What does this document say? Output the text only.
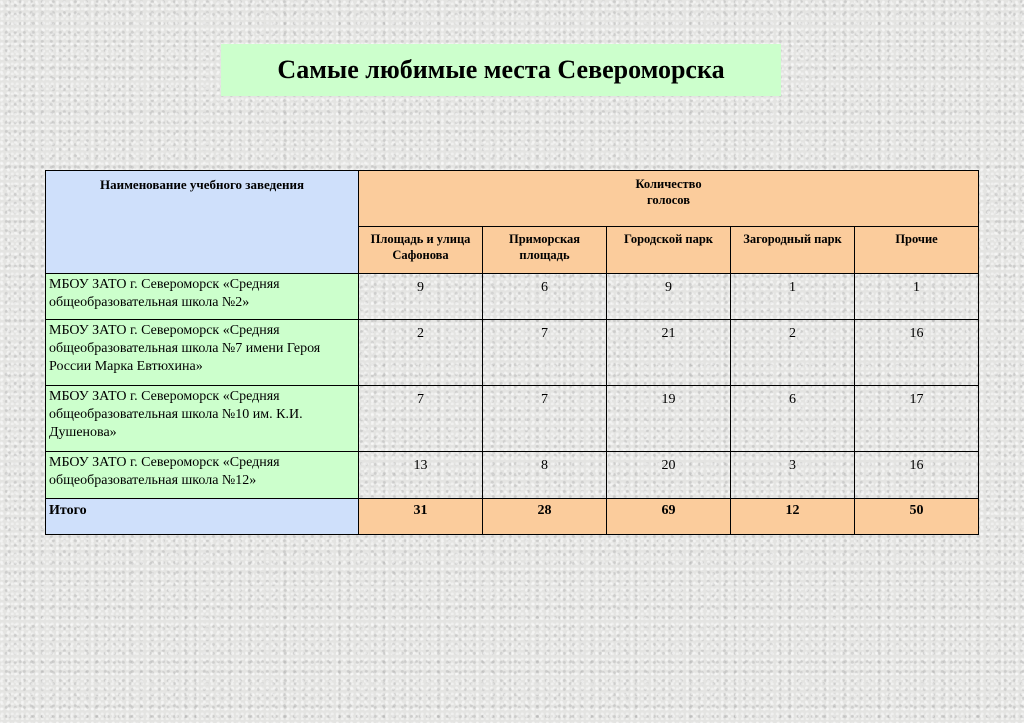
Самые любимые места Североморска
Наименование учебного заведения	Количество голосов				

	Площадь и улица Сафонова	Приморская площадь	Городской парк	Загородный парк	Прочие
МБОУ ЗАТО г. Североморск «Средняя общеобразовательная школа №2»	9	6	9	1	1
МБОУ ЗАТО г. Североморск «Средняя общеобразовательная школа №7 имени Героя России Марка Евтюхина»	2	7	21	2	16
МБОУ ЗАТО г. Североморск «Средняя общеобразовательная школа №10 им. К.И. Душенова»	7	7	19	6	17
МБОУ ЗАТО г. Североморск «Средняя общеобразовательная школа №12»	13	8	20	3	16
Итого	31	28	69	12	50
